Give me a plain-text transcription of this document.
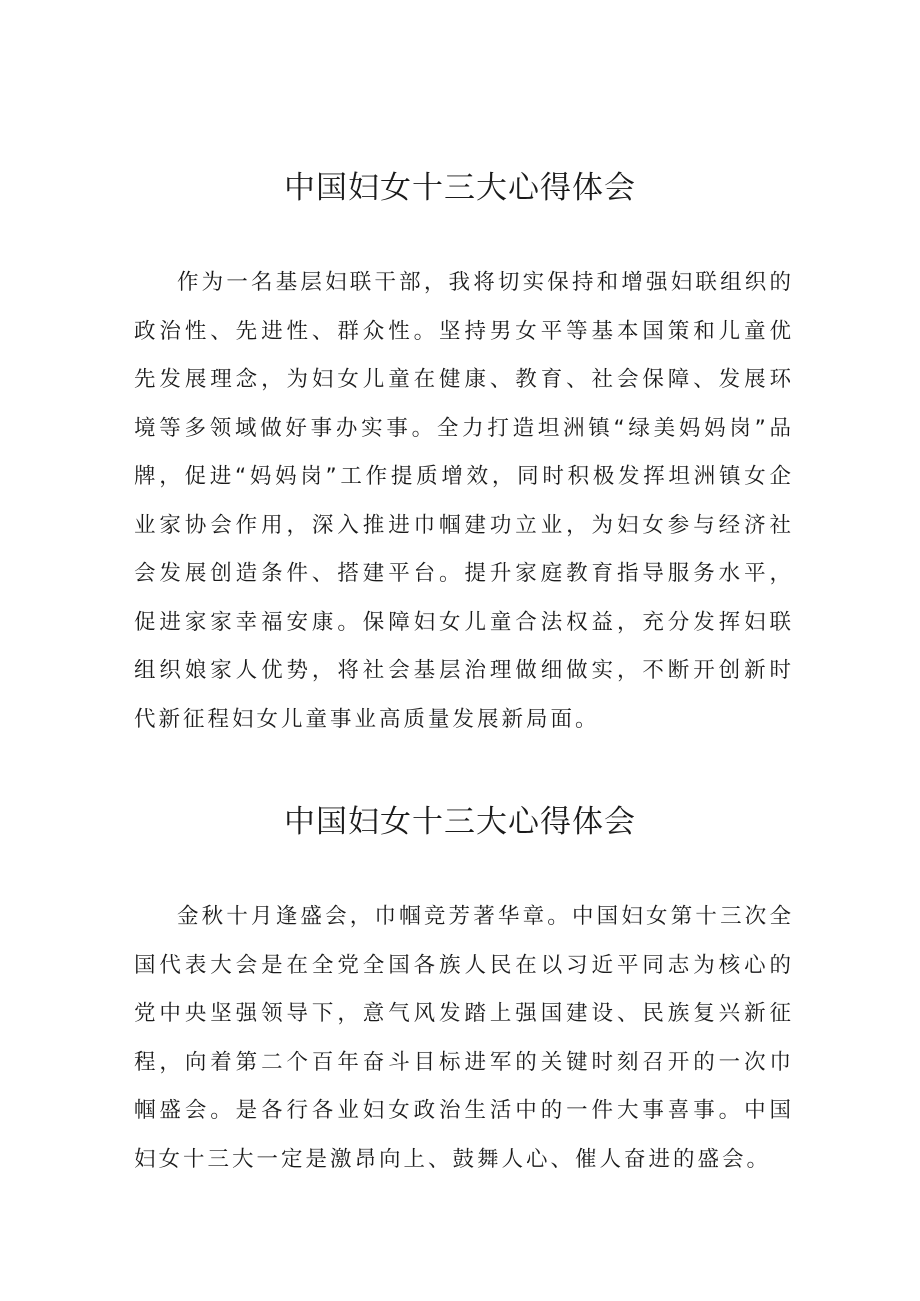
中国妇女十三大心得体会

作为一名基层妇联干部，我将切实保持和增强妇联组织的政治性、先进性、群众性。坚持男女平等基本国策和儿童优先发展理念，为妇女儿童在健康、教育、社会保障、发展环境等多领域做好事办实事。全力打造坦洲镇“绿美妈妈岗”品牌，促进“妈妈岗”工作提质增效，同时积极发挥坦洲镇女企业家协会作用，深入推进巾帼建功立业，为妇女参与经济社会发展创造条件、搭建平台。提升家庭教育指导服务水平，促进家家幸福安康。保障妇女儿童合法权益，充分发挥妇联组织娘家人优势，将社会基层治理做细做实，不断开创新时代新征程妇女儿童事业高质量发展新局面。

中国妇女十三大心得体会

金秋十月逢盛会，巾帼竞芳著华章。中国妇女第十三次全国代表大会是在全党全国各族人民在以习近平同志为核心的党中央坚强领导下，意气风发踏上强国建设、民族复兴新征程，向着第二个百年奋斗目标进军的关键时刻召开的一次巾帼盛会。是各行各业妇女政治生活中的一件大事喜事。中国妇女十三大一定是激昂向上、鼓舞人心、催人奋进的盛会。
